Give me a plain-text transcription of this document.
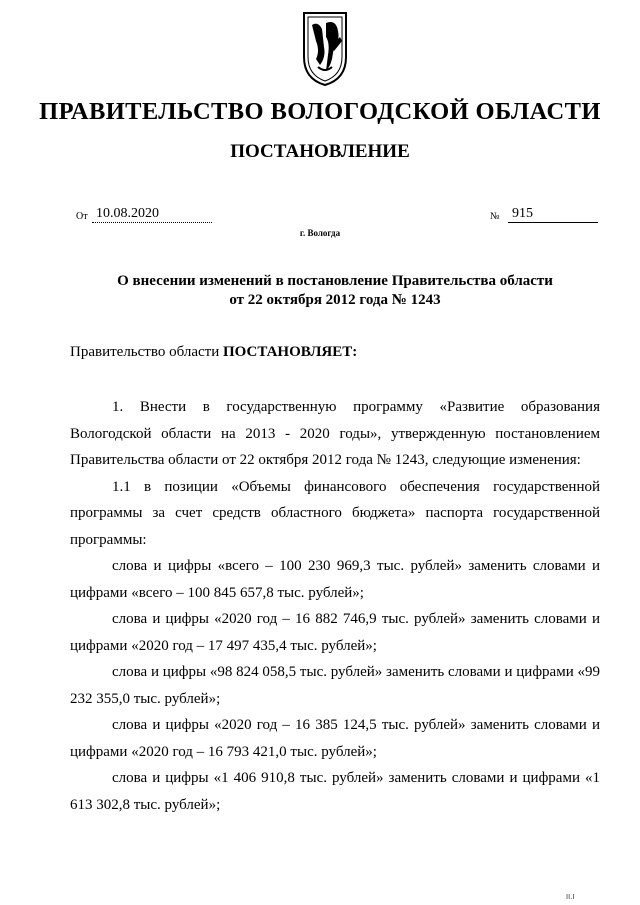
ПРАВИТЕЛЬСТВО ВОЛОГОДСКОЙ ОБЛАСТИ
ПОСТАНОВЛЕНИЕ
От 10.08.2020	№ 915
г. Вологда
О внесении изменений в постановление Правительства области
от 22 октября 2012 года № 1243
Правительство области ПОСТАНОВЛЯЕТ:

1. Внести в государственную программу «Развитие образования Вологодской области на 2013 - 2020 годы», утвержденную постановлением Правительства области от 22 октября 2012 года № 1243, следующие изменения:

1.1 в позиции «Объемы финансового обеспечения государственной программы за счет средств областного бюджета» паспорта государственной программы:

слова и цифры «всего – 100 230 969,3 тыс. рублей» заменить словами и цифрами «всего – 100 845 657,8 тыс. рублей»;

слова и цифры «2020 год – 16 882 746,9 тыс. рублей» заменить словами и цифрами «2020 год – 17 497 435,4 тыс. рублей»;

слова и цифры «98 824 058,5 тыс. рублей» заменить словами и цифрами «99 232 355,0 тыс. рублей»;

слова и цифры «2020 год – 16 385 124,5 тыс. рублей» заменить словами и цифрами «2020 год – 16 793 421,0 тыс. рублей»;

слова и цифры «1 406 910,8 тыс. рублей» заменить словами и цифрами «1 613 302,8 тыс. рублей»;

II.I
